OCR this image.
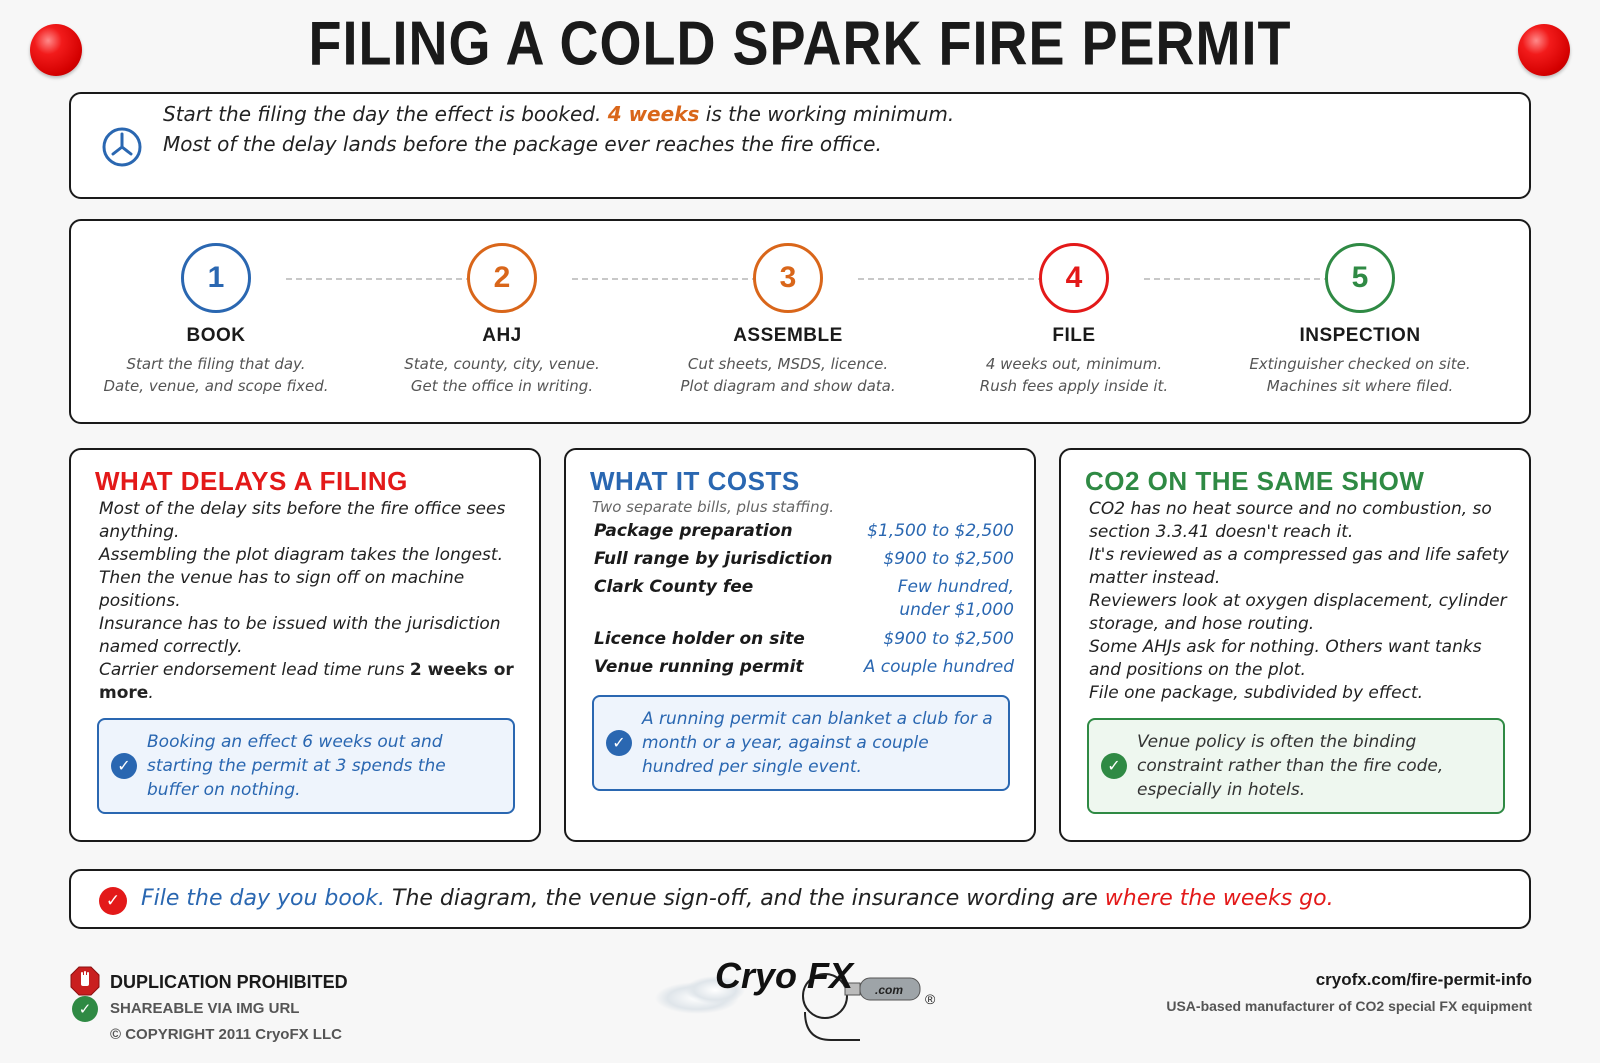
FILING A COLD SPARK FIRE PERMIT
Start the filing the day the effect is booked. 4 weeks is the working minimum.
Most of the delay lands before the package ever reaches the fire office.
1
BOOK
Start the filing that day.
Date, venue, and scope fixed.
2
AHJ
State, county, city, venue.
Get the office in writing.
3
ASSEMBLE
Cut sheets, MSDS, licence.
Plot diagram and show data.
4
FILE
4 weeks out, minimum.
Rush fees apply inside it.
5
INSPECTION
Extinguisher checked on site.
Machines sit where filed.
WHAT DELAYS A FILING

Most of the delay sits before the fire office sees anything.

Assembling the plot diagram takes the longest.

Then the venue has to sign off on machine positions.

Insurance has to be issued with the jurisdiction named correctly.

Carrier endorsement lead time runs 2 weeks or more.

✓
Booking an effect 6 weeks out and starting the permit at 3 spends the buffer on nothing.
WHAT IT COSTS
Two separate bills, plus staffing.
Package preparation	$1,500 to $2,500
Full range by jurisdiction	$900 to $2,500
Clark County fee	Few hundred, under $1,000
Licence holder on site	$900 to $2,500
Venue running permit	A couple hundred
✓
A running permit can blanket a club for a month or a year, against a couple hundred per single event.
CO2 ON THE SAME SHOW

CO2 has no heat source and no combustion, so section 3.3.41 doesn't reach it.

It's reviewed as a compressed gas and life safety matter instead.

Reviewers look at oxygen displacement, cylinder storage, and hose routing.

Some AHJs ask for nothing. Others want tanks and positions on the plot.

File one package, subdivided by effect.

✓
Venue policy is often the binding constraint rather than the fire code, especially in hotels.
✓ File the day you book. The diagram, the venue sign-off, and the insurance wording are where the weeks go.
DUPLICATION PROHIBITED
✓	SHAREABLE VIA IMG URL
© COPYRIGHT 2011 CryoFX LLC
.com
Cryo FX
®
cryofx.com/fire-permit-info
USA-based manufacturer of CO2 special FX equipment
